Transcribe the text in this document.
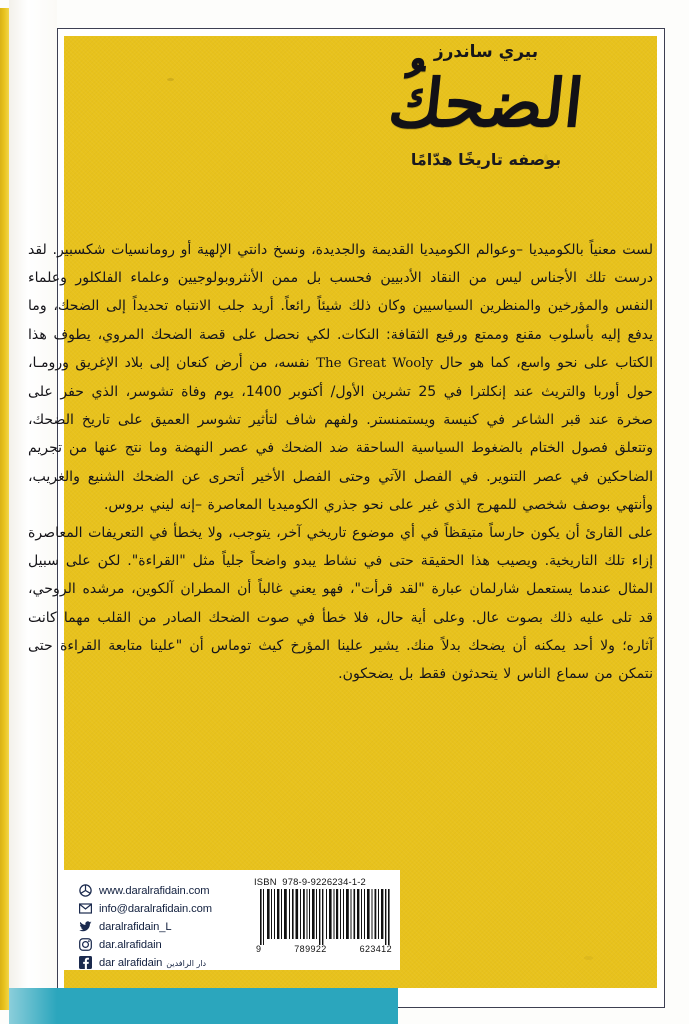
بيري ساندرز
الضحكُ
بوصفه تاريخًا هدّامًا

لست معنياً بالكوميديا –وعوالم الكوميديا القديمة والجديدة، ونسخ دانتي الإلهية أو رومانسيات شكسبير. لقد درست تلك الأجناس ليس من النقاد الأدبيين فحسب بل ممن الأنثروبولوجيين وعلماء الفلكلور وعلماء النفس والمؤرخين والمنظرين السياسيين وكان ذلك شيئاً رائعاً. أريد جلب الانتباه تحديداً إلى الضحك، وما يدفع إليه بأسلوب مقنع وممتع ورفيع الثقافة: النكات. لكي نحصل على قصة الضحك المروي، يطوف هذا الكتاب على نحو واسع، كما هو حال The Great Wooly نفسه، من أرض كنعان إلى بلاد الإغريق ورومـا، حول أوربا والتريث عند إنكلترا في 25 تشرين الأول/ أكتوبر 1400، يوم وفاة تشوسر، الذي حفر على صخرة عند قبر الشاعر في كنيسة ويستمنستر. ولفهم شاف لتأثير تشوسر العميق على تاريخ الضحك، وتتعلق فصول الختام بالضغوط السياسية الساحقة ضد الضحك في عصر النهضة وما نتج عنها من تجريم الضاحكين في عصر التنوير. في الفصل الآتي وحتى الفصل الأخير أتحرى عن الضحك الشنيع والغريب، وأنتهي بوصف شخصي للمهرج الذي غير على نحو جذري الكوميديا المعاصرة –إنه ليني بروس.

على القارئ أن يكون حارساً متيقظاً في أي موضوع تاريخي آخر، يتوجب، ولا يخطأ في التعريفات المعاصرة إزاء تلك التاريخية. ويصيب هذا الحقيقة حتى في نشاط يبدو واضحاً جلياً مثل "القراءة". لكن على سبيل المثال عندما يستعمل شارلمان عبارة "لقد قرأت"، فهو يعني غالباً أن المطران آلكوين، مرشده الروحي، قد تلى عليه ذلك بصوت عال. وعلى أية حال، فلا خطأ في صوت الضحك الصادر من القلب مهما كانت آثاره؛ ولا أحد يمكنه أن يضحك بدلاً منك. يشير علينا المؤرخ كيث توماس أن "علينا متابعة القراءة حتى نتمكن من سماع الناس لا يتحدثون فقط بل يضحكون.

ISBN 978-9-9226234-1-2
9	789922	623412
www.daralrafidain.com
info@daralrafidain.com
daralrafidain_L
dar.alrafidain
dar alrafidain دار الرافدين
